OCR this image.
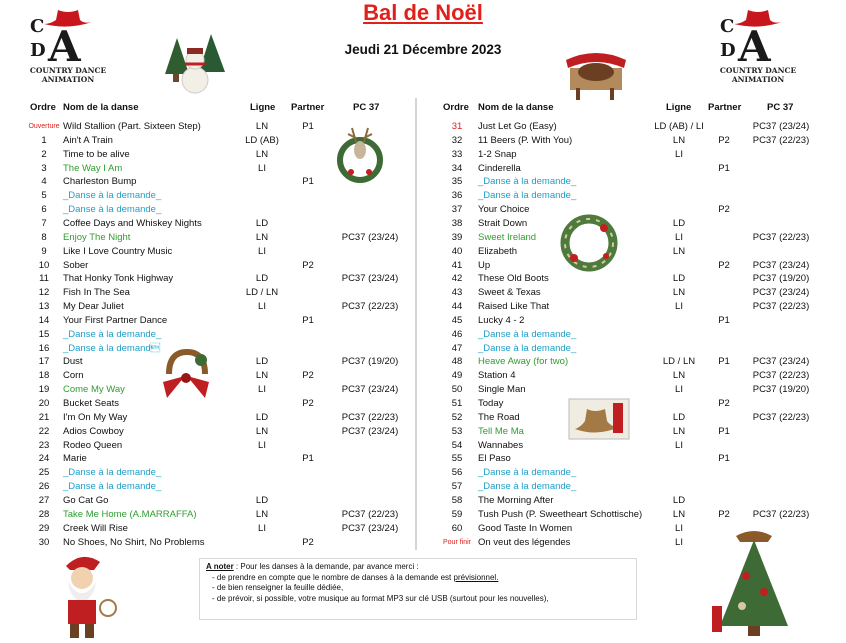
Bal de Noël
Jeudi 21 Décembre 2023
C
D A
COUNTRY DANCE
ANIMATION
C
D A
COUNTRY DANCE
ANIMATION
Ordre Nom de la danse	Ligne Partner	PC 37
Ouverture Wild Stallion (Part. Sixteen Step)	LN	P1
1	Ain't A Train	LD (AB)
2	Time to be alive	LN
3	The Way I Am	LI
4	Charleston Bump	P1
5	_Danse à la demande_
6	_Danse à la demande_
7	Coffee Days and Whiskey Nights	LD
8	Enjoy The Night	LN	PC37 (23/24)
9	Like I Love Country Music	LI
10	Sober	P2
11	That Honky Tonk Highway	LD	PC37 (23/24)
12	Fish In The Sea	LD / LN
13	My Dear Juliet	LI	PC37 (22/23)
14	Your First Partner Dance	P1
15	_Danse à la demande_
16	_Danse à la demand
17	Dust	LD	PC37 (19/20)
18	Corn	LN	P2
19	Come My Way	LI	PC37 (23/24)
20	Bucket Seats	P2
21	I'm On My Way	LD	PC37 (22/23)
22	Adios Cowboy	LN	PC37 (23/24)
23	Rodeo Queen	LI
24	Marie	P1
25	_Danse à la demande_
26	_Danse à la demande_
27	Go Cat Go	LD
28	Take Me Home (A.MARRAFFA)	LN	PC37 (22/23)
29	Creek Will Rise	LI	PC37 (23/24)
30	No Shoes, No Shirt, No Problems	P2
Ordre Nom de la danse	Ligne Partner	PC 37
31	Just Let Go (Easy)	LD (AB) / LI	PC37 (23/24)
32	11 Beers (P. With You)	LN	P2	PC37 (22/23)
33	1-2 Snap	LI
34	Cinderella	P1
35	_Danse à la demande_
36	_Danse à la demande_
37	Your Choice	P2
38	Strait Down	LD
39	Sweet Ireland	LI	PC37 (22/23)
40	Elizabeth	LN
41	Up	P2	PC37 (23/24)
42	These Old Boots	LD	PC37 (19/20)
43	Sweet & Texas	LN	PC37 (23/24)
44	Raised Like That	LI	PC37 (22/23)
45	Lucky 4 - 2	P1
46	_Danse à la demande_
47	_Danse à la demande_
48	Heave Away (for two)	LD / LN	P1	PC37 (23/24)
49	Station 4	LN	PC37 (22/23)
50	Single Man	LI	PC37 (19/20)
51	Today	P2
52	The Road	LD	PC37 (22/23)
53	Tell Me Ma	LN	P1
54	Wannabes	LI
55	El Paso	P1
56	_Danse à la demande_
57	_Danse à la demande_
58	The Morning After	LD
59	Tush Push (P. Sweetheart Schottische)	LN	P2	PC37 (22/23)
60	Good Taste In Women	LI
Pour finir On veut des légendes	LI
A noter : Pour les danses à la demande, par avance merci :
- de prendre en compte que le nombre de danses à la demande est prévisionnel.
- de bien renseigner la feuille dédiée,
- de prévoir, si possible, votre musique au format MP3 sur clé USB (surtout pour les nouvelles),
